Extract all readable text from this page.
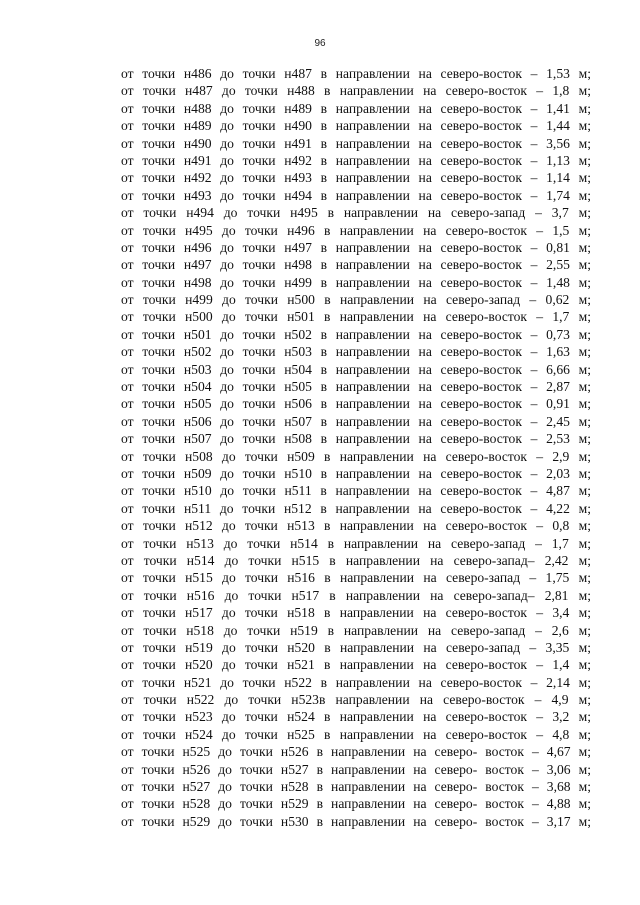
96
от точки н486 до точки н487 в направлении на северо-восток – 1,53 м;
от точки н487 до точки н488 в направлении на северо-восток – 1,8 м;
от точки н488 до точки н489 в направлении на северо-восток – 1,41 м;
от точки н489 до точки н490 в направлении на северо-восток – 1,44 м;
от точки н490 до точки н491 в направлении на северо-восток – 3,56 м;
от точки н491 до точки н492 в направлении на северо-восток – 1,13 м;
от точки н492 до точки н493 в направлении на северо-восток – 1,14 м;
от точки н493 до точки н494 в направлении на северо-восток – 1,74 м;
от точки н494 до точки н495 в направлении на северо-запад – 3,7 м;
от точки н495 до точки н496 в направлении на северо-восток – 1,5 м;
от точки н496 до точки н497 в направлении на северо-восток – 0,81 м;
от точки н497 до точки н498 в направлении на северо-восток – 2,55 м;
от точки н498 до точки н499 в направлении на северо-восток – 1,48 м;
от точки н499 до точки н500 в направлении на северо-запад – 0,62 м;
от точки н500 до точки н501 в направлении на северо-восток – 1,7 м;
от точки н501 до точки н502 в направлении на северо-восток – 0,73 м;
от точки н502 до точки н503 в направлении на северо-восток – 1,63 м;
от точки н503 до точки н504 в направлении на северо-восток – 6,66 м;
от точки н504 до точки н505 в направлении на северо-восток – 2,87 м;
от точки н505 до точки н506 в направлении на северо-восток – 0,91 м;
от точки н506 до точки н507 в направлении на северо-восток – 2,45 м;
от точки н507 до точки н508 в направлении на северо-восток – 2,53 м;
от точки н508 до точки н509 в направлении на северо-восток – 2,9 м;
от точки н509 до точки н510 в направлении на северо-восток – 2,03 м;
от точки н510 до точки н511 в направлении на северо-восток – 4,87 м;
от точки н511 до точки н512 в направлении на северо-восток – 4,22 м;
от точки н512 до точки н513 в направлении на северо-восток – 0,8 м;
от точки н513 до точки н514 в направлении на северо-запад – 1,7 м;
от точки н514 до точки н515 в направлении на северо-запад– 2,42 м;
от точки н515 до точки н516 в направлении на северо-запад – 1,75 м;
от точки н516 до точки н517 в направлении на северо-запад– 2,81 м;
от точки н517 до точки н518 в направлении на северо-восток – 3,4 м;
от точки н518 до точки н519 в направлении на северо-запад – 2,6 м;
от точки н519 до точки н520 в направлении на северо-запад – 3,35 м;
от точки н520 до точки н521 в направлении на северо-восток – 1,4 м;
от точки н521 до точки н522 в направлении на северо-восток – 2,14 м;
от точки н522 до точки н523в направлении на северо-восток – 4,9 м;
от точки н523 до точки н524 в направлении на северо-восток – 3,2 м;
от точки н524 до точки н525 в направлении на северо-восток – 4,8 м;
от точки н525 до точки н526 в направлении на северо- восток – 4,67 м;
от точки н526 до точки н527 в направлении на северо- восток – 3,06 м;
от точки н527 до точки н528 в направлении на северо- восток – 3,68 м;
от точки н528 до точки н529 в направлении на северо- восток – 4,88 м;
от точки н529 до точки н530 в направлении на северо- восток – 3,17 м;
